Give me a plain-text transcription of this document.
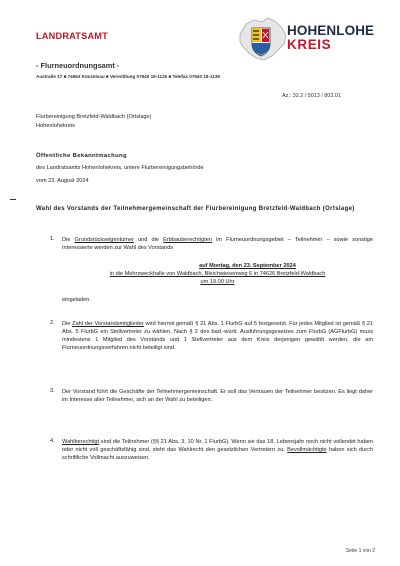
LANDRATSAMT	HOHENLOHE
KREIS
- Flurneuordnungsamt -
Austraße 17 ■ 74653 Künzelsau ■ Vermittlung 07940 18-1125 ■ Telefax 07940 18-1139
Az.: 32.2 / 5013 / 803.01
Flurbereinigung Bretzfeld-Waldbach (Ortslage)
Hohenlohekreis
Öffentliche Bekanntmachung
des Landratsamts Hohenlohekreis, untere Flurbereinigungsbehörde
vom 23. August 2024
Wahl des Vorstands der Teilnehmergemeinschaft der Flurbereinigung Bretzfeld-Waldbach (Ortslage)
1.	Die Grundstückseigentümer und die Erbbauberechtigten im Flurneuordnungsgebiet – Teilnehmer – sowie sonstige Interessierte werden zur Wahl des Vorstands
auf Montag, den 23. September 2024
in die Mehrzweckhalle von Waldbach, Bleichwiesenweg 6 in 74626 Bretzfeld-Waldbach
um 19.00 Uhr
eingeladen.
2.	Die Zahl der Vorstandsmitglieder wird hiermit gemäß § 21 Abs. 1 FlurbG auf 5 festgesetzt. Für jedes Mitglied ist gemäß § 21 Abs. 5 FlurbG ein Stellvertreter zu wählen. Nach § 2 des bad.-württ. Ausführungsgesetzes zum FlurbG (AGFlurbG) muss mindestens 1 Mitglied des Vorstands und 1 Stellvertreter aus dem Kreis derjenigen gewählt werden, die am Flurneuordnungsverfahren nicht beteiligt sind.
3.	Der Vorstand führt die Geschäfte der Teilnehmergemeinschaft. Er soll das Vertrauen der Teilnehmer besitzen. Es liegt daher im Interesse aller Teilnehmer, sich an der Wahl zu beteiligen.
4.	Wahlberechtigt sind die Teilnehmer (§§ 21 Abs. 3, 10 Nr. 1 FlurbG). Wenn sie das 18. Lebensjahr noch nicht vollendet haben oder nicht voll geschäftsfähig sind, steht das Wahlrecht den gesetzlichen Vertretern zu. Bevollmächtigte haben sich durch schriftliche Vollmacht auszuweisen.
Seite 1 von 2
